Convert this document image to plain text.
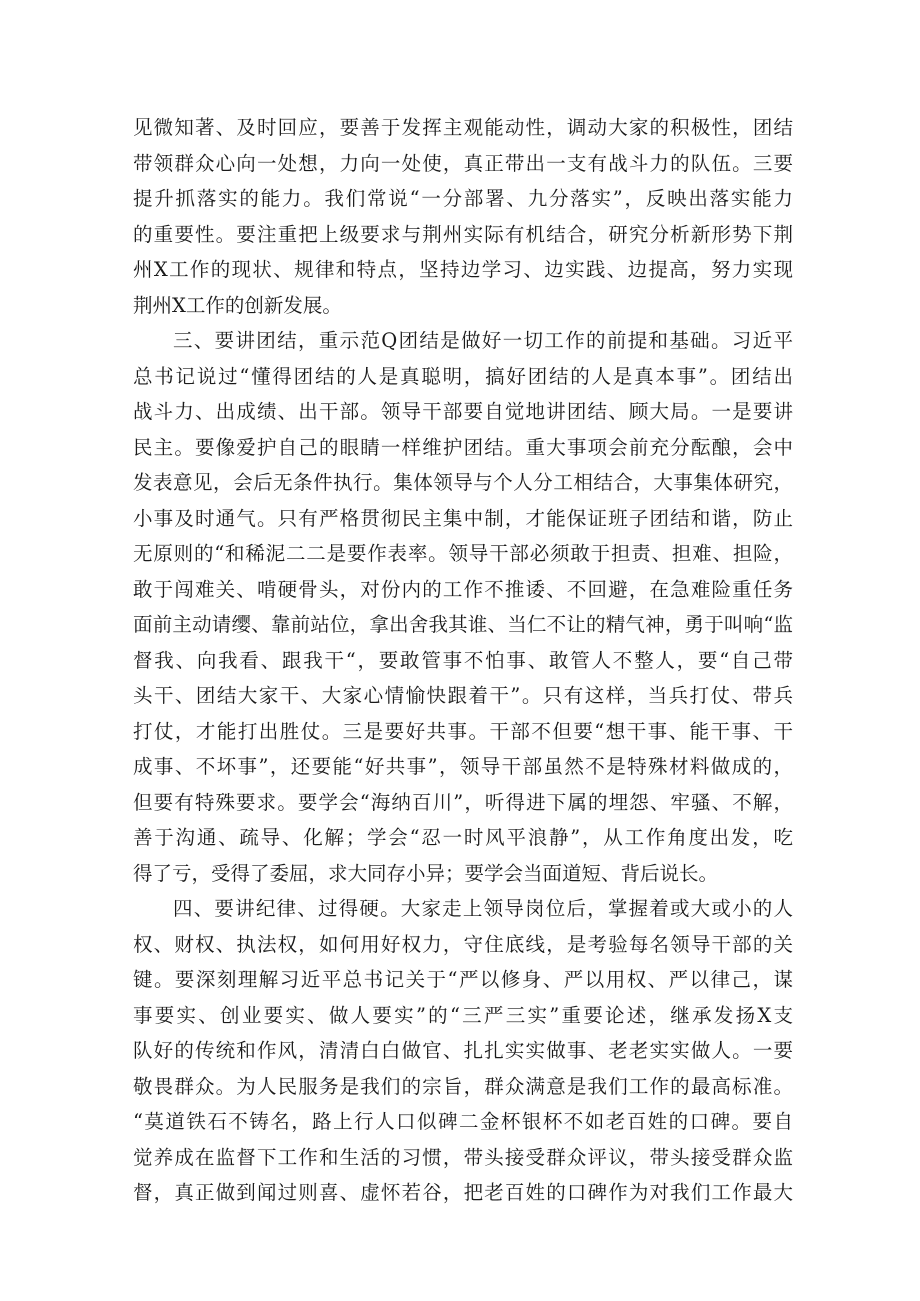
见微知著、及时回应，要善于发挥主观能动性，调动大家的积极性，团结
带领群众心向一处想，力向一处使，真正带出一支有战斗力的队伍。三要
提升抓落实的能力。我们常说“一分部署、九分落实”，反映出落实能力
的重要性。要注重把上级要求与荆州实际有机结合，研究分析新形势下荆
州X工作的现状、规律和特点，坚持边学习、边实践、边提高，努力实现
荆州X工作的创新发展。
三、要讲团结，重示范Q团结是做好一切工作的前提和基础。习近平
总书记说过“懂得团结的人是真聪明，搞好团结的人是真本事”。团结出
战斗力、出成绩、出干部。领导干部要自觉地讲团结、顾大局。一是要讲
民主。要像爱护自己的眼睛一样维护团结。重大事项会前充分酝酿，会中
发表意见，会后无条件执行。集体领导与个人分工相结合，大事集体研究，
小事及时通气。只有严格贯彻民主集中制，才能保证班子团结和谐，防止
无原则的“和稀泥二二是要作表率。领导干部必须敢于担责、担难、担险，
敢于闯难关、啃硬骨头，对份内的工作不推诿、不回避，在急难险重任务
面前主动请缨、靠前站位，拿出舍我其谁、当仁不让的精气神，勇于叫响“监
督我、向我看、跟我干“，要敢管事不怕事、敢管人不整人，要“自己带
头干、团结大家干、大家心情愉快跟着干”。只有这样，当兵打仗、带兵
打仗，才能打出胜仗。三是要好共事。干部不但要“想干事、能干事、干
成事、不坏事”，还要能“好共事”，领导干部虽然不是特殊材料做成的，
但要有特殊要求。要学会“海纳百川”，听得进下属的埋怨、牢骚、不解，
善于沟通、疏导、化解；学会“忍一时风平浪静”，从工作角度出发，吃
得了亏，受得了委屈，求大同存小异；要学会当面道短、背后说长。
四、要讲纪律、过得硬。大家走上领导岗位后，掌握着或大或小的人
权、财权、执法权，如何用好权力，守住底线，是考验每名领导干部的关
键。要深刻理解习近平总书记关于“严以修身、严以用权、严以律己，谋
事要实、创业要实、做人要实”的“三严三实”重要论述，继承发扬X支
队好的传统和作风，清清白白做官、扎扎实实做事、老老实实做人。一要
敬畏群众。为人民服务是我们的宗旨，群众满意是我们工作的最高标准。
“莫道铁石不铸名，路上行人口似碑二金杯银杯不如老百姓的口碑。要自
觉养成在监督下工作和生活的习惯，带头接受群众评议，带头接受群众监
督，真正做到闻过则喜、虚怀若谷，把老百姓的口碑作为对我们工作最大
